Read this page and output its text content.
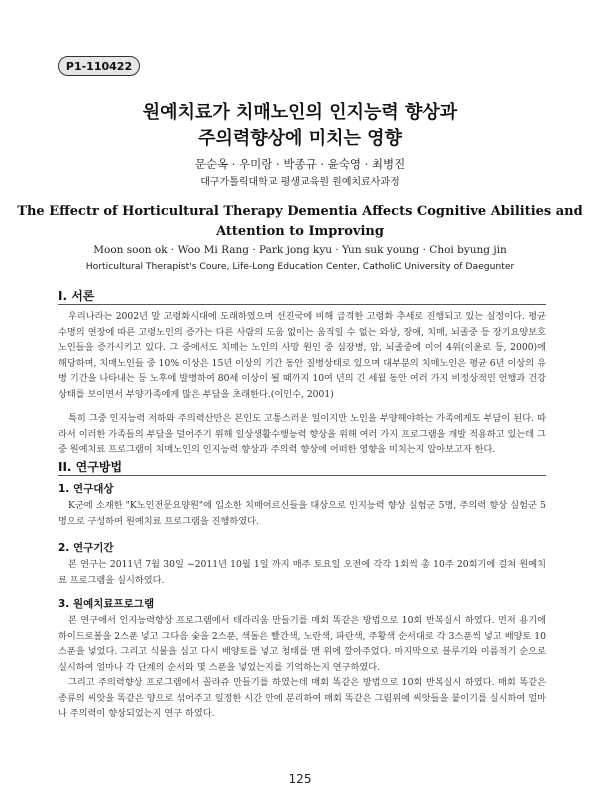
P1-110422
원예치료가 치매노인의 인지능력 향상과
주의력향상에 미치는 영향
문순옥 · 우미랑 · 박종규 · 윤숙영 · 최병진
대구가톨릭대학교 평생교육원 원예치료사과정
The Effectr of Horticultural Therapy Dementia Affects Cognitive Abilities and
Attention to Improving
Moon soon ok · Woo Mi Rang · Park jong kyu · Yun suk young · Choi byung jin
Horticultural Therapist's Coure, Life-Long Education Center, CatholiC University of Daegunter
I. 서론

우리나라는 2002년 말 고령화시대에 도래하였으며 선진국에 비해 급격한 고령화 추세로 진행되고 있는 실정이다. 평균수명의 연장에 따른 고령노인의 증가는 다른 사람의 도움 없이는 움직일 수 없는 와상, 장애, 치매, 뇌졸중 등 장기요양보호노인들을 증가시키고 있다. 그 중에서도 치매는 노인의 사망 원인 중 심장병, 암, 뇌졸중에 이어 4위(이윤로 등, 2000)에 해당하며, 치매노인들 중 10% 이상은 15년 이상의 기간 동안 질병상태로 있으며 대부분의 치매노인은 평균 6년 이상의 유병 기간을 나타내는 등 노후에 발병하여 80세 이상이 될 때까지 10여 년의 긴 세월 동안 여러 가지 비정상적인 언행과 건강상태를 보이면서 부양가족에게 많은 부담을 초래한다.(이인수, 2001)

특히 그중 인지능력 저하와 주의력산만은 본인도 고통스러운 일이지만 노인을 부양해야하는 가족에게도 부담이 된다. 따라서 이러한 가족들의 부담을 덜어주기 위해 일상생활수행능력 향상을 위해 여러 가지 프로그램을 개발 적용하고 있는데 그중 원예치료 프로그램이 치매노인의 인지능력 향상과 주의력 향상에 어떠한 영향을 미치는지 알아보고자 한다.

II. 연구방법
1. 연구대상

K군에 소재한 "K노인전문요양원"에 입소한 치매어르신들을 대상으로 인지능력 향상 실험군 5명, 주의력 향상 실험군 5명으로 구성하여 원예치료 프로그램을 진행하였다.

2. 연구기간

본 연구는 2011년 7월 30일 ~2011년 10월 1일 까지 매주 토요일 오전에 각각 1회씩 총 10주 20회기에 걸쳐 원예치료 프로그램을 실시하였다.

3. 원예치료프로그램

본 연구에서 인지능력향상 프로그램에서 테라리움 만들기를 매회 똑같은 방법으로 10회 반복실시 하였다. 먼저 용기에 하이드로볼을 2스푼 넣고 그다음 숯을 2스푼, 색돌은 빨간색, 노란색, 파란색, 주황색 순서대로 각 3스푼씩 넣고 배양토 10스푼을 넣었다. 그리고 식물을 심고 다시 배양토를 넣고 청태를 맨 위에 깔아주었다. 마지막으로 블루기와 이름적기 순으로 실시하여 얼마나 각 단계의 순서와 몇 스푼을 넣었는지를 기억하는지 연구하였다.

그리고 주의력향상 프로그램에서 꼴라쥬 만들기를 하였는데 매회 똑같은 방법으로 10회 반복실시 하였다. 매회 똑같은 종류의 씨앗을 똑같은 양으로 섞어주고 일정한 시간 안에 분리하여 매회 똑같은 그림위에 씨앗들을 붙이기를 실시하여 얼마나 주의력이 향상되었는지 연구 하였다.

125
